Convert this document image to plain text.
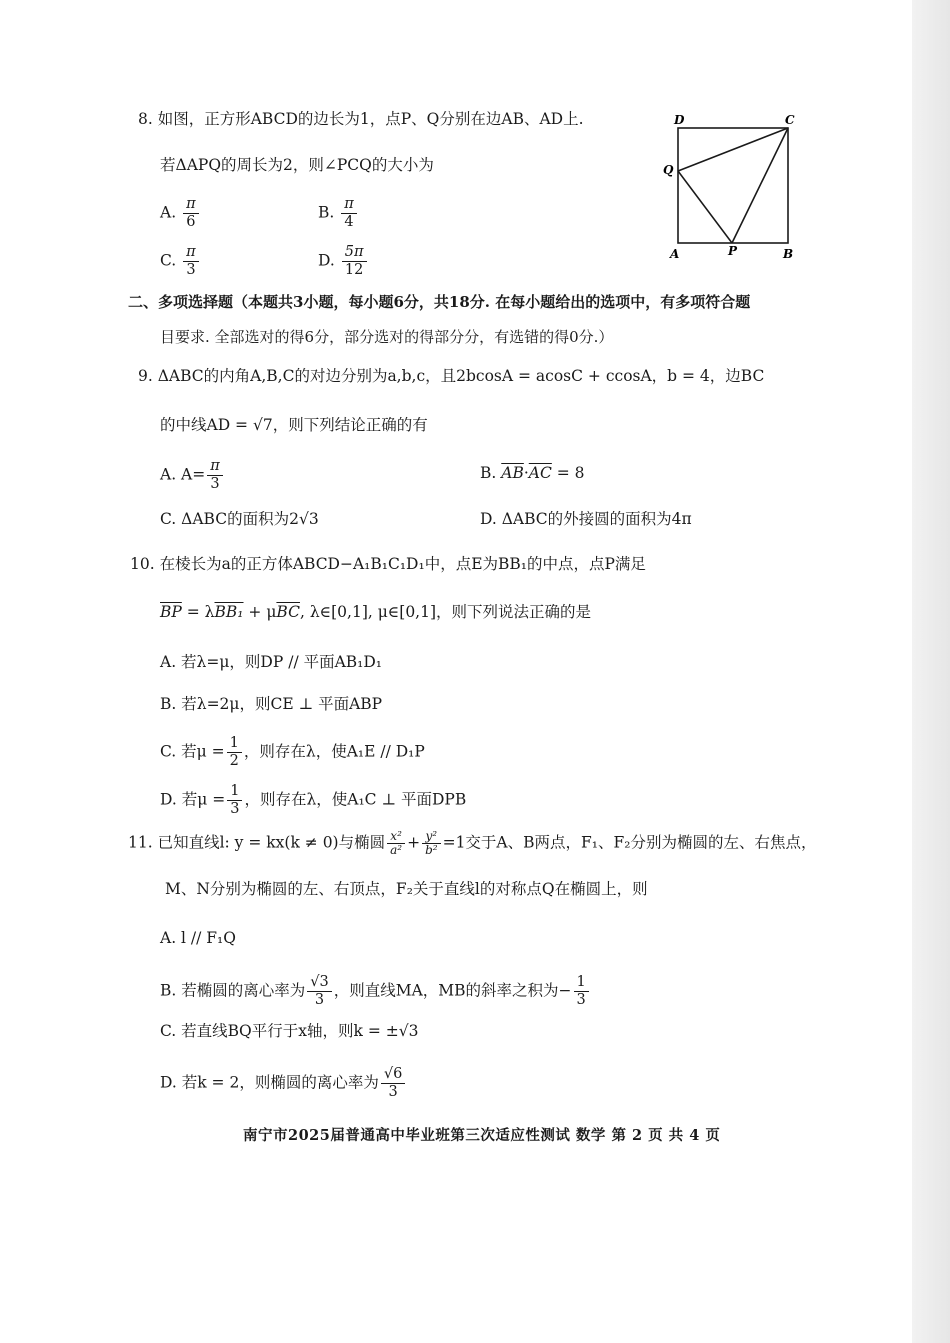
8. 如图，正方形ABCD的边长为1，点P、Q分别在边AB、AD上.
若ΔAPQ的周长为2，则∠PCQ的大小为
A. $\frac{\pi}{6}$	B. $\frac{\pi}{4}$
C. $\frac{\pi}{3}$	D. $\frac{5\pi}{12}$
D	C
Q
A	P	B
二、多项选择题（本题共3小题，每小题6分，共18分. 在每小题给出的选项中，有多项符合题
目要求. 全部选对的得6分，部分选对的得部分分，有选错的得0分.）
9. ΔABC的内角A,B,C的对边分别为a,b,c，且2bcosA = acosC + ccosA，b = 4，边BC
的中线AD = √7，则下列结论正确的有
A. $A= \frac{\pi}{3}$	B. $\overline{AB}\cdot\overline{AC} = 8$
C. ΔABC的面积为2√3	D. ΔABC的外接圆的面积为4π
10. 在棱长为a的正方体ABCD−A₁B₁C₁D₁中，点E为BB₁的中点，点P满足
$\overline{BP} = \lambda BB_1 + \mu\overline{BC}$, λ∈[0,1], μ∈[0,1]，则下列说法正确的是
A. 若λ=μ，则DP // 平面AB₁D₁
B. 若λ=2μ，则CE ⊥ 平面ABP
C. 若$\mu = \frac{1}{2}$ ，则存在λ，使A₁E // D₁P
D. 若$\mu = \frac{1}{3}$ ，则存在λ，使A₁C ⊥ 平面DPB
11. 已知直线l: y = kx(k ≠ 0)与椭圆 $\frac{\text{x²}}{\text{a²}} + \frac{\text{y²}}{\text{b²}} =1$交于A、B两点，F₁、F₂分别为椭圆的左、右焦点，
M、N分别为椭圆的左、右顶点，F₂关于直线l的对称点Q在椭圆上，则
A. l // F₁Q
B. 若椭圆的离心率为 $\frac{√3}{3}$ ，则直线MA，MB的斜率之积为− $\frac{1}{3}$
C. 若直线BQ平行于x轴，则k = ±√3
D. 若k = 2，则椭圆的离心率为 $\frac{√6}{3}$
南宁市2025届普通高中毕业班第三次适应性测试 数学 第 2 页 共 4 页
